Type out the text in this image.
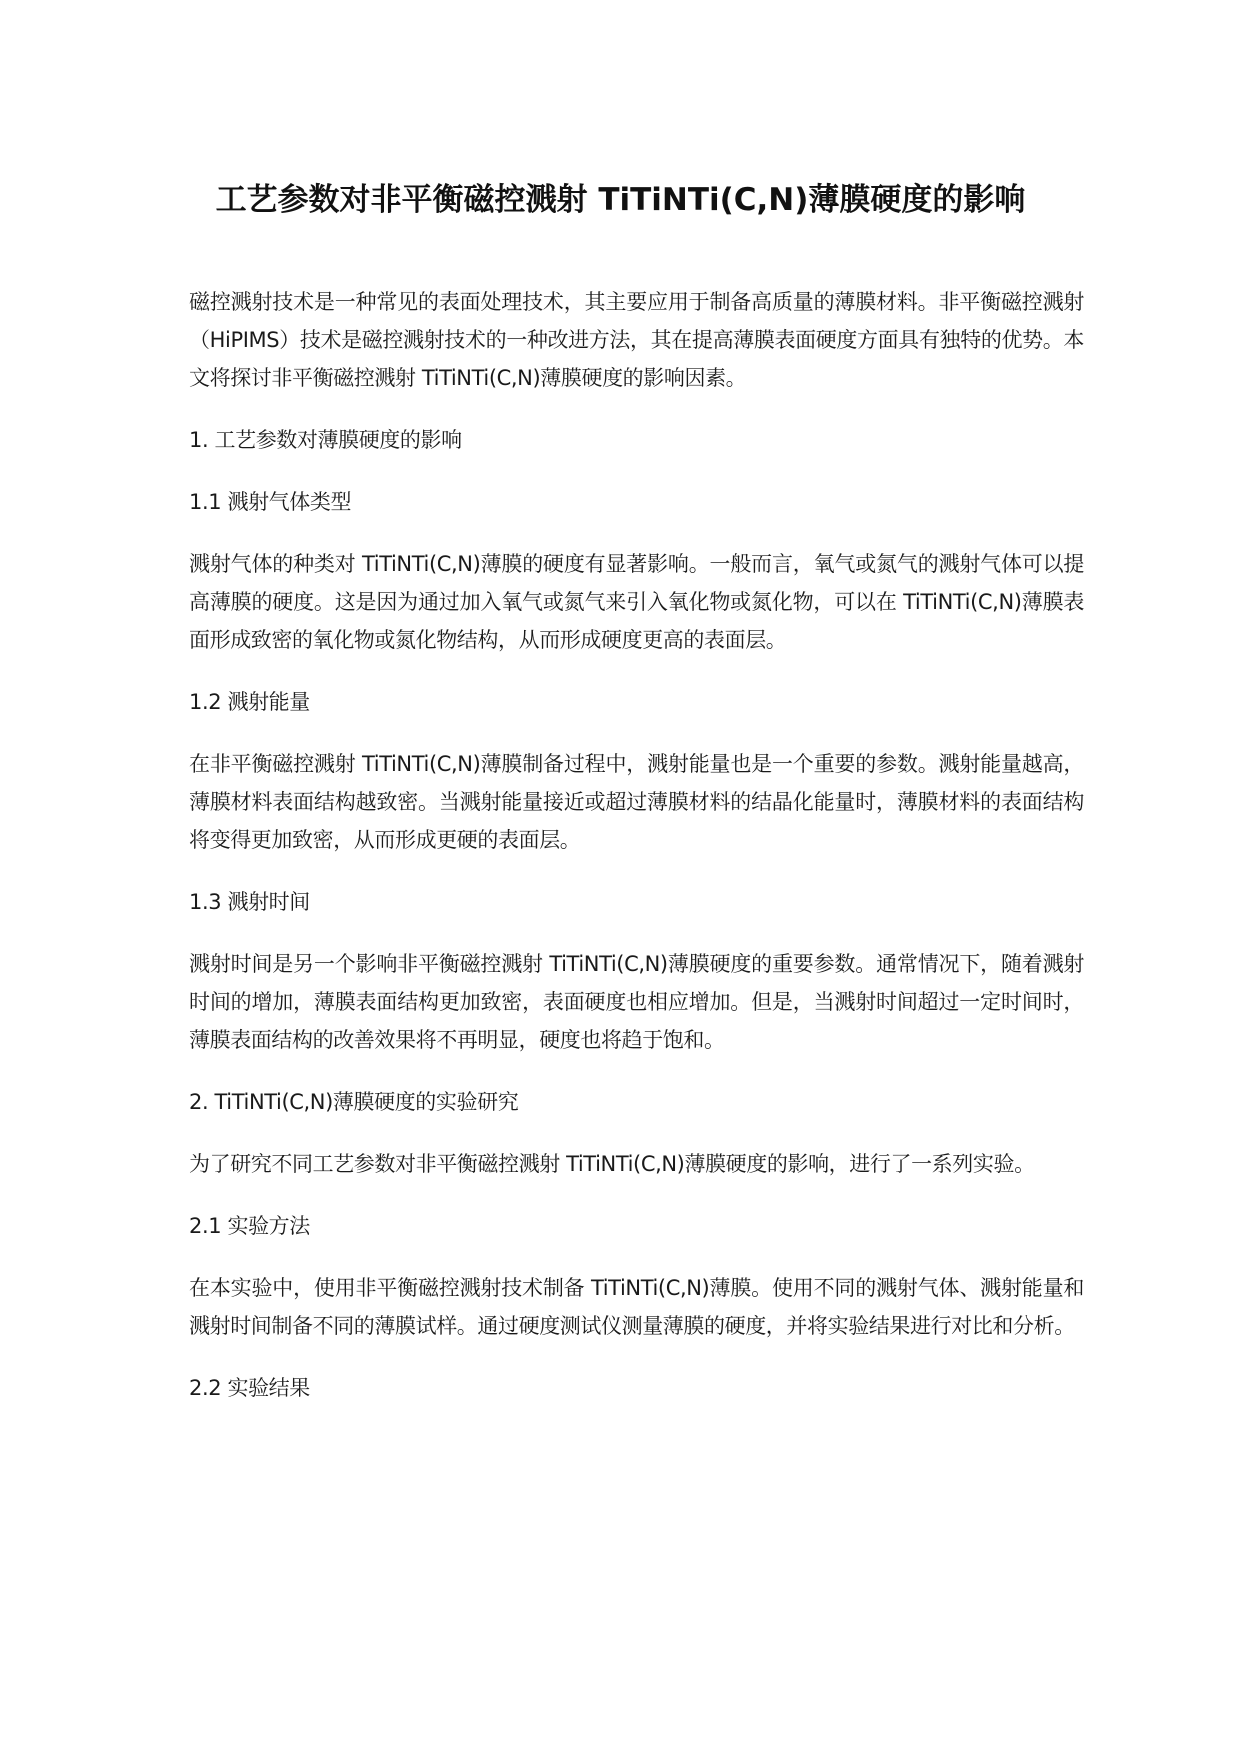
工艺参数对非平衡磁控溅射 TiTiNTi(C,N)薄膜硬度的影响

磁控溅射技术是一种常见的表面处理技术，其主要应用于制备高质量的薄膜材料。非平衡磁控溅射（HiPIMS）技术是磁控溅射技术的一种改进方法，其在提高薄膜表面硬度方面具有独特的优势。本文将探讨非平衡磁控溅射 TiTiNTi(C,N)薄膜硬度的影响因素。

1. 工艺参数对薄膜硬度的影响
1.1 溅射气体类型

溅射气体的种类对 TiTiNTi(C,N)薄膜的硬度有显著影响。一般而言，氧气或氮气的溅射气体可以提高薄膜的硬度。这是因为通过加入氧气或氮气来引入氧化物或氮化物，可以在 TiTiNTi(C,N)薄膜表面形成致密的氧化物或氮化物结构，从而形成硬度更高的表面层。

1.2 溅射能量

在非平衡磁控溅射 TiTiNTi(C,N)薄膜制备过程中，溅射能量也是一个重要的参数。溅射能量越高，薄膜材料表面结构越致密。当溅射能量接近或超过薄膜材料的结晶化能量时，薄膜材料的表面结构将变得更加致密，从而形成更硬的表面层。

1.3 溅射时间

溅射时间是另一个影响非平衡磁控溅射 TiTiNTi(C,N)薄膜硬度的重要参数。通常情况下，随着溅射时间的增加，薄膜表面结构更加致密，表面硬度也相应增加。但是，当溅射时间超过一定时间时，薄膜表面结构的改善效果将不再明显，硬度也将趋于饱和。

2. TiTiNTi(C,N)薄膜硬度的实验研究

为了研究不同工艺参数对非平衡磁控溅射 TiTiNTi(C,N)薄膜硬度的影响，进行了一系列实验。

2.1 实验方法

在本实验中，使用非平衡磁控溅射技术制备 TiTiNTi(C,N)薄膜。使用不同的溅射气体、溅射能量和溅射时间制备不同的薄膜试样。通过硬度测试仪测量薄膜的硬度，并将实验结果进行对比和分析。

2.2 实验结果
